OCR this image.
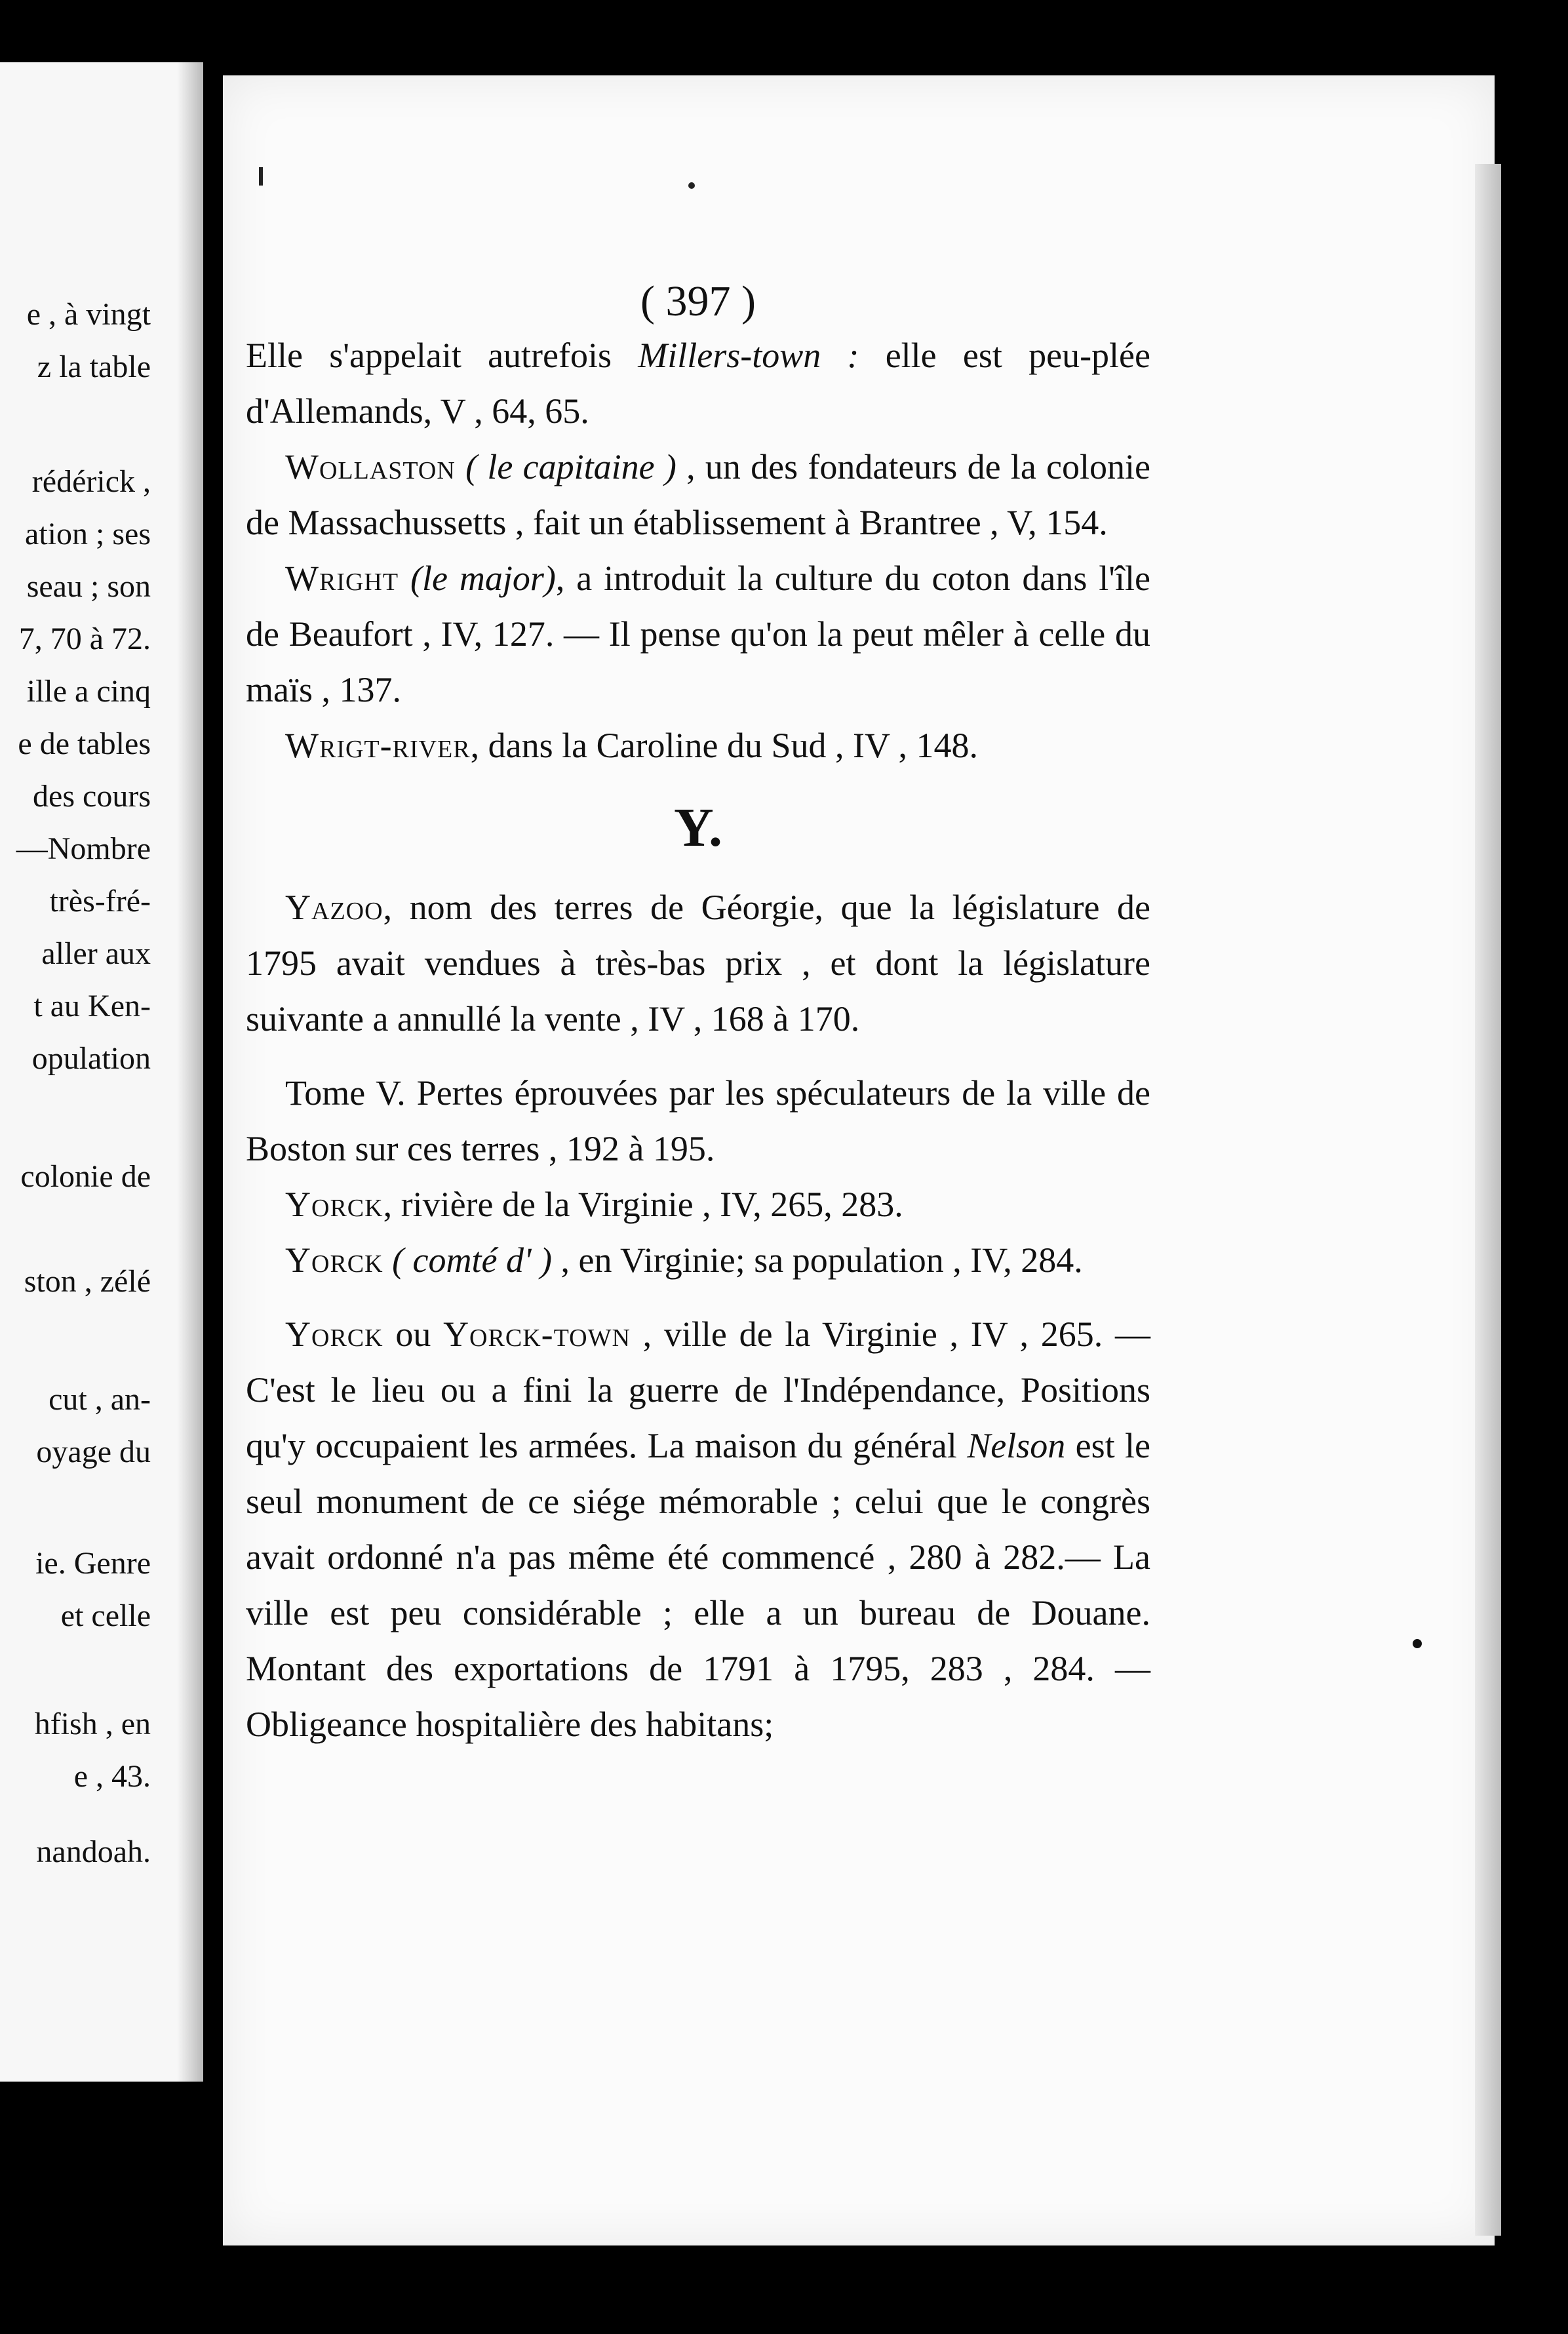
e , à vingt
z la table
rédérick ,
ation ; ses
seau ; son
7, 70 à 72.
ille a cinq
e de tables
des cours
—Nombre
très-fré-
aller aux
t au Ken-
opulation
colonie de
ston , zélé
cut , an-
oyage du
ie. Genre
et celle
hfish , en
e , 43.
nandoah.
( 397 )

Elle s'appelait autrefois Millers-town : elle est peu-plée d'Allemands, V , 64, 65.

Wollaston ( le capitaine ) , un des fondateurs de la colonie de Massachussetts , fait un établissement à Brantree , V, 154.

Wright (le major), a introduit la culture du coton dans l'île de Beaufort , IV, 127. — Il pense qu'on la peut mêler à celle du maïs , 137.

Wrigt-river, dans la Caroline du Sud , IV , 148.

Y.

Yazoo, nom des terres de Géorgie, que la législature de 1795 avait vendues à très-bas prix , et dont la législature suivante a annullé la vente , IV , 168 à 170.

Tome V. Pertes éprouvées par les spéculateurs de la ville de Boston sur ces terres , 192 à 195.

Yorck, rivière de la Virginie , IV, 265, 283.

Yorck ( comté d' ) , en Virginie; sa population , IV, 284.

Yorck ou Yorck-town , ville de la Virginie , IV , 265. — C'est le lieu ou a fini la guerre de l'Indépendance, Positions qu'y occupaient les armées. La maison du général Nelson est le seul monument de ce siége mémorable ; celui que le congrès avait ordonné n'a pas même été commencé , 280 à 282.— La ville est peu considérable ; elle a un bureau de Douane. Montant des exportations de 1791 à 1795, 283 , 284. — Obligeance hospitalière des habitans;
